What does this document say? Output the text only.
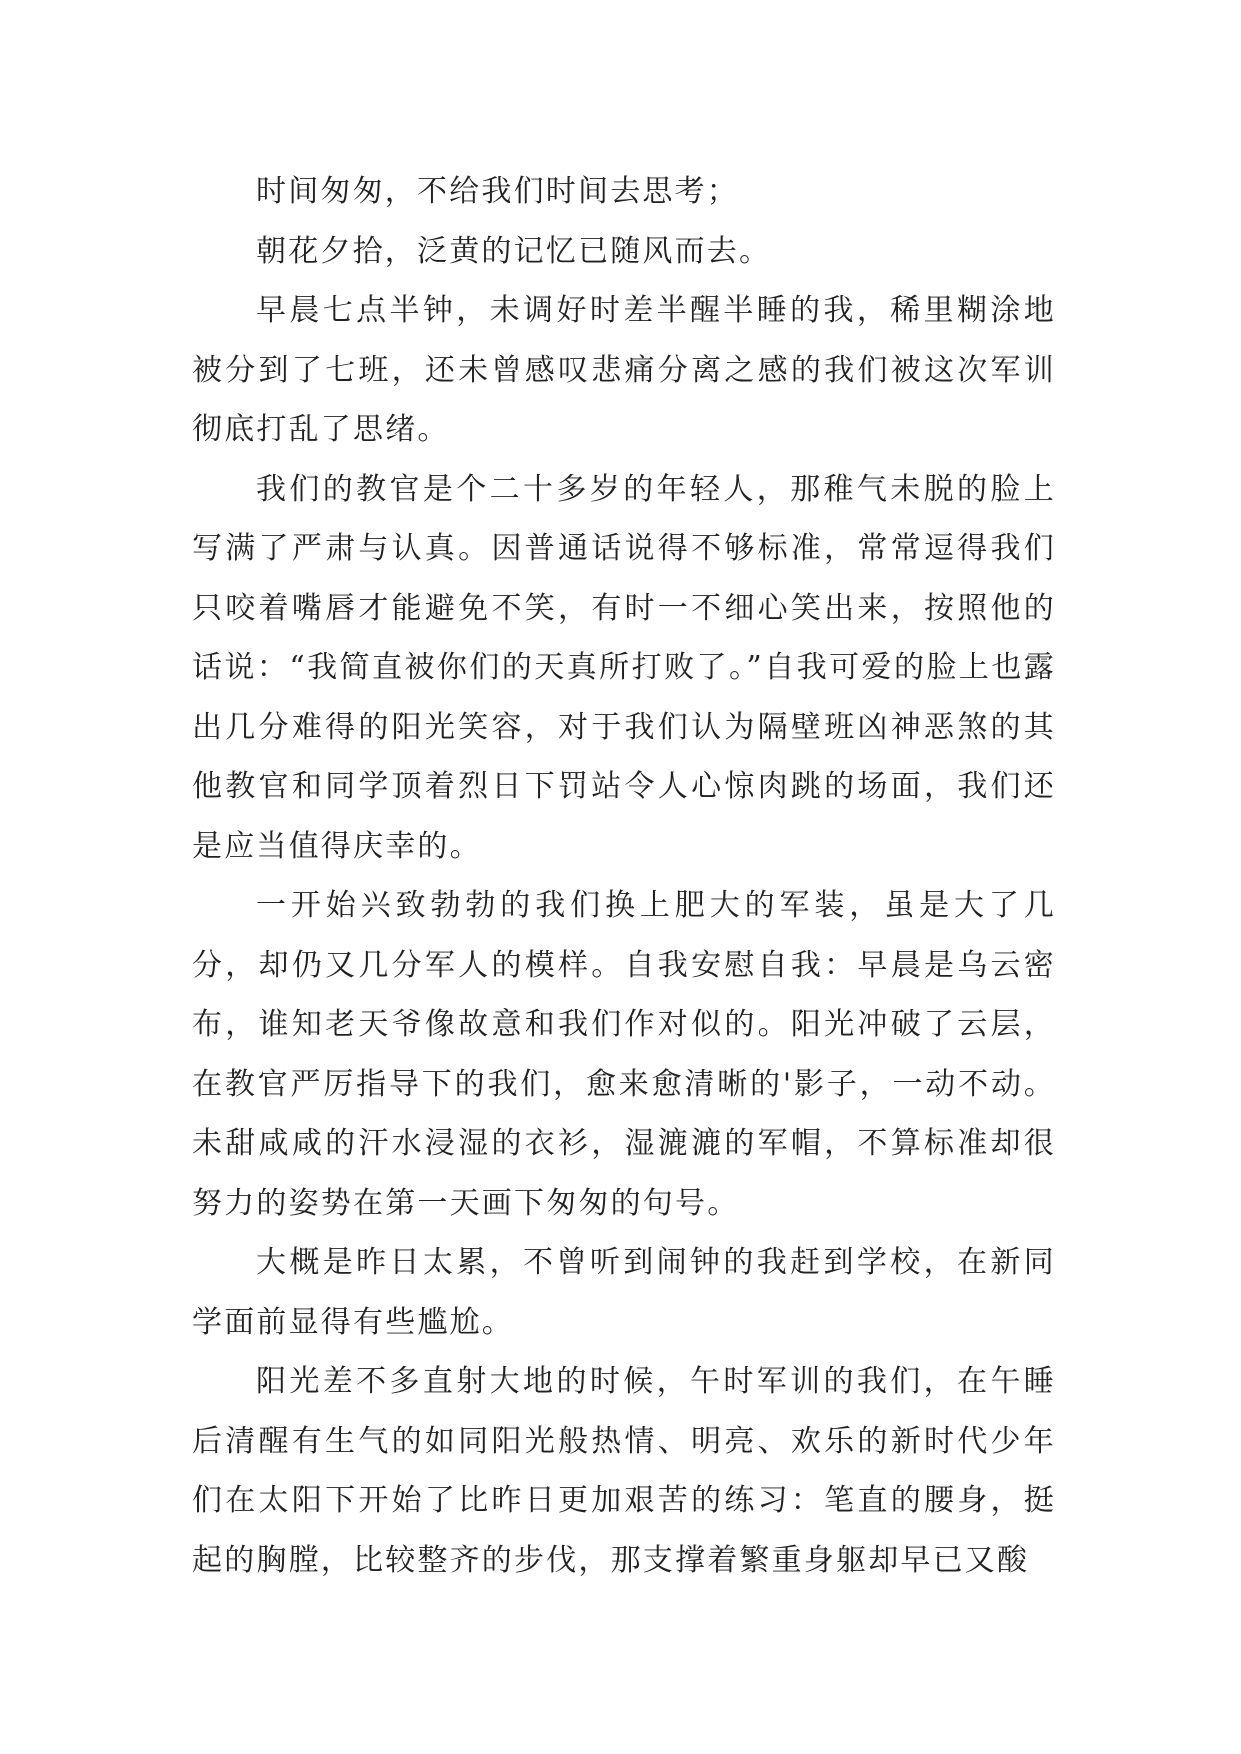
时间匆匆，不给我们时间去思考；

朝花夕拾，泛黄的记忆已随风而去。

早晨七点半钟，未调好时差半醒半睡的我，稀里糊涂地被分到了七班，还未曾感叹悲痛分离之感的我们被这次军训彻底打乱了思绪。

我们的教官是个二十多岁的年轻人，那稚气未脱的脸上写满了严肃与认真。因普通话说得不够标准，常常逗得我们只咬着嘴唇才能避免不笑，有时一不细心笑出来，按照他的话说：“我简直被你们的天真所打败了。”自我可爱的脸上也露出几分难得的阳光笑容，对于我们认为隔壁班凶神恶煞的其他教官和同学顶着烈日下罚站令人心惊肉跳的场面，我们还是应当值得庆幸的。

一开始兴致勃勃的我们换上肥大的军装，虽是大了几分，却仍又几分军人的模样。自我安慰自我：早晨是乌云密布，谁知老天爷像故意和我们作对似的。阳光冲破了云层，在教官严厉指导下的我们，愈来愈清晰的'影子，一动不动。未甜咸咸的汗水浸湿的衣衫，湿漉漉的军帽，不算标准却很努力的姿势在第一天画下匆匆的句号。

大概是昨日太累，不曾听到闹钟的我赶到学校，在新同学面前显得有些尴尬。

阳光差不多直射大地的时候，午时军训的我们，在午睡后清醒有生气的如同阳光般热情、明亮、欢乐的新时代少年们在太阳下开始了比昨日更加艰苦的练习：笔直的腰身，挺起的胸膛，比较整齐的步伐，那支撑着繁重身躯却早已又酸
